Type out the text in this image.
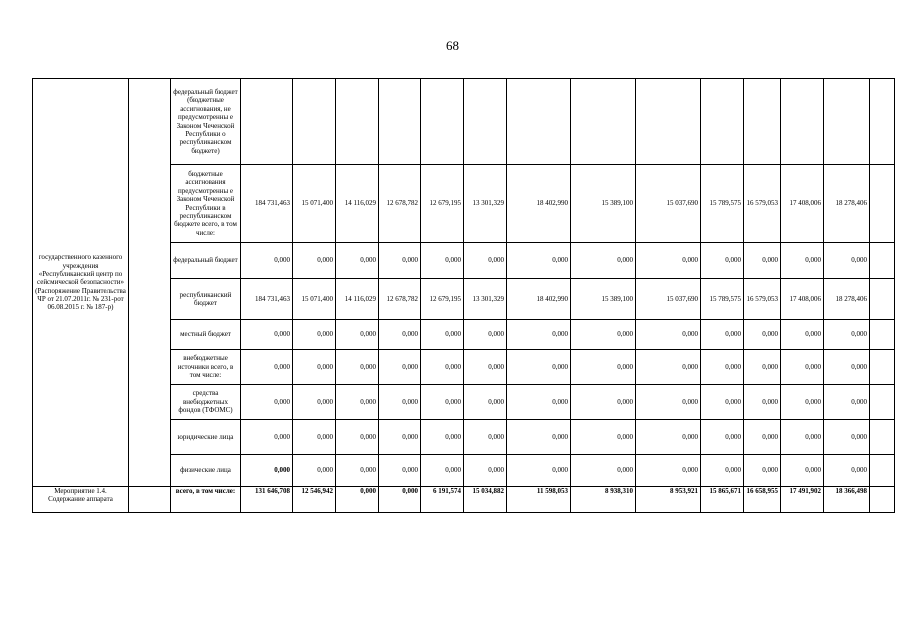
68
государственного казенного учреждения «Республиканский центр по сейсмической безопасности» (Распоряжение Правительства ЧР от 21.07.2011г. № 231-рот 06.08.2015 г. № 187-р)		федеральный бюджет (бюджетные ассигнования, не предусмотренны е Законом Чеченской Республики о республиканском бюджете)														
		бюджетные ассигнования предусмотренны е Законом Чеченской Республики в республиканском бюджете всего, в том числе:	184 731,463	15 071,400	14 116,029	12 678,782	12 679,195	13 301,329	18 402,990	15 389,100	15 037,690	15 789,575	16 579,053	17 408,006	18 278,406	
		федеральный бюджет	0,000	0,000	0,000	0,000	0,000	0,000	0,000	0,000	0,000	0,000	0,000	0,000	0,000	
		республиканский бюджет	184 731,463	15 071,400	14 116,029	12 678,782	12 679,195	13 301,329	18 402,990	15 389,100	15 037,690	15 789,575	16 579,053	17 408,006	18 278,406	
		местный бюджет	0,000	0,000	0,000	0,000	0,000	0,000	0,000	0,000	0,000	0,000	0,000	0,000	0,000	
		внебюджетные источники всего, в том числе:	0,000	0,000	0,000	0,000	0,000	0,000	0,000	0,000	0,000	0,000	0,000	0,000	0,000	
		средства внебюджетных фондов (ТФОМС)	0,000	0,000	0,000	0,000	0,000	0,000	0,000	0,000	0,000	0,000	0,000	0,000	0,000	
		юридические лица	0,000	0,000	0,000	0,000	0,000	0,000	0,000	0,000	0,000	0,000	0,000	0,000	0,000	
		физические лица	0,000	0,000	0,000	0,000	0,000	0,000	0,000	0,000	0,000	0,000	0,000	0,000	0,000	
Мероприятие 1.4. Содержание аппарата		всего, в том числе:	131 646,708	12 546,942	0,000	0,000	6 191,574	15 034,882	11 598,053	8 938,310	8 953,921	15 865,671	16 658,955	17 491,902	18 366,498	
